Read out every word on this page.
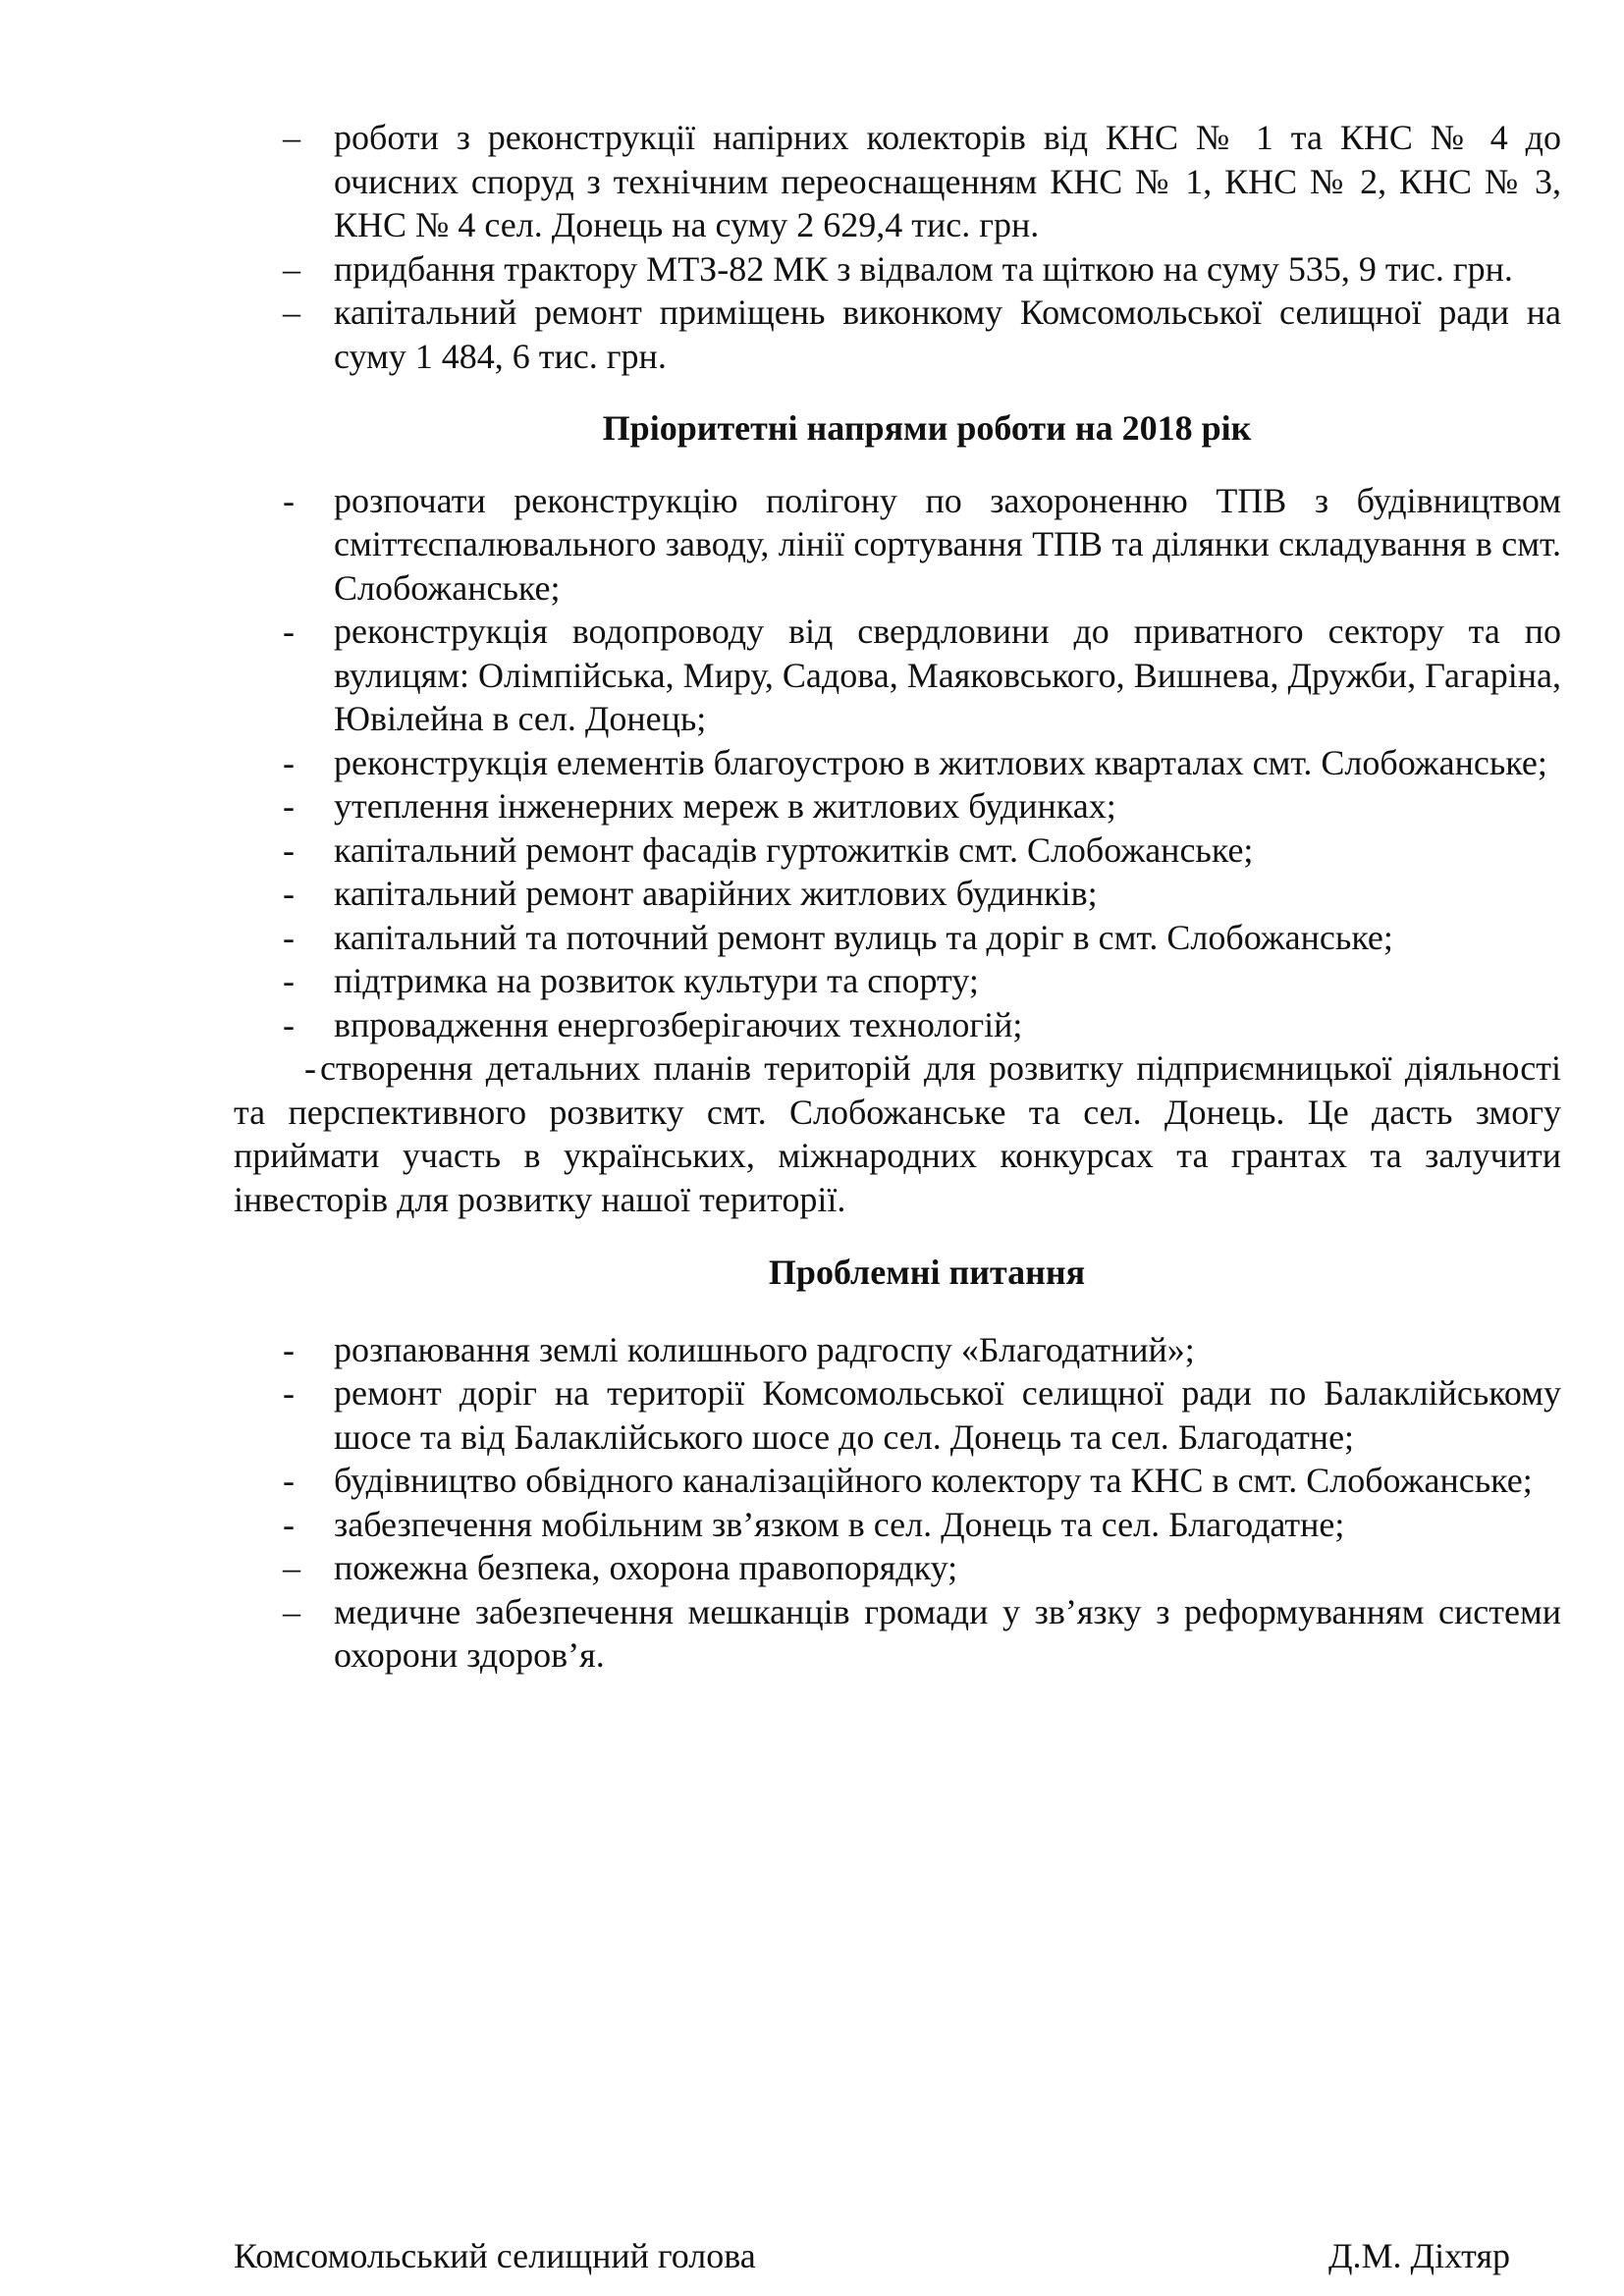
– роботи з реконструкції напірних колекторів від КНС № 1 та КНС № 4 до очисних споруд з технічним переоснащенням КНС № 1, КНС № 2, КНС № 3, КНС № 4 сел. Донець на суму 2 629,4 тис. грн.
– придбання трактору МТЗ-82 МК з відвалом та щіткою на суму 535, 9 тис. грн.
– капітальний ремонт приміщень виконкому Комсомольської селищної ради на суму 1 484, 6 тис. грн.

Пріоритетні напрями роботи на 2018 рік

- розпочати реконструкцію полігону по захороненню ТПВ з будівництвом сміттєспалювального заводу, лінії сортування ТПВ та ділянки складування в смт. Слобожанське;
- реконструкція водопроводу від свердловини до приватного сектору та по вулицям: Олімпійська, Миру, Садова, Маяковського, Вишнева, Дружби, Гагаріна, Ювілейна в сел. Донець;
- реконструкція елементів благоустрою в житлових кварталах смт. Слобожанське;
- утеплення інженерних мереж в житлових будинках;
- капітальний ремонт фасадів гуртожитків смт. Слобожанське;
- капітальний ремонт аварійних житлових будинків;
- капітальний та поточний ремонт вулиць та доріг в смт. Слобожанське;
- підтримка на розвиток культури та спорту;
- впровадження енергозберігаючих технологій;

- створення детальних планів територій для розвитку підприємницької діяльності та перспективного розвитку смт. Слобожанське та сел. Донець. Це дасть змогу приймати участь в українських, міжнародних конкурсах та грантах та залучити інвесторів для розвитку нашої території.

Проблемні питання

- розпаювання землі колишнього радгоспу «Благодатний»;
- ремонт доріг на території Комсомольської селищної ради по Балаклійському шосе та від Балаклійського шосе до сел. Донець та сел. Благодатне;
- будівництво обвідного каналізаційного колектору та КНС в смт. Слобожанське;
- забезпечення мобільним зв’язком в сел. Донець та сел. Благодатне;
– пожежна безпека, охорона правопорядку;
– медичне забезпечення мешканців громади у зв’язку з реформуванням системи охорони здоров’я.
Комсомольський селищний голова	Д.М. Діхтяр
